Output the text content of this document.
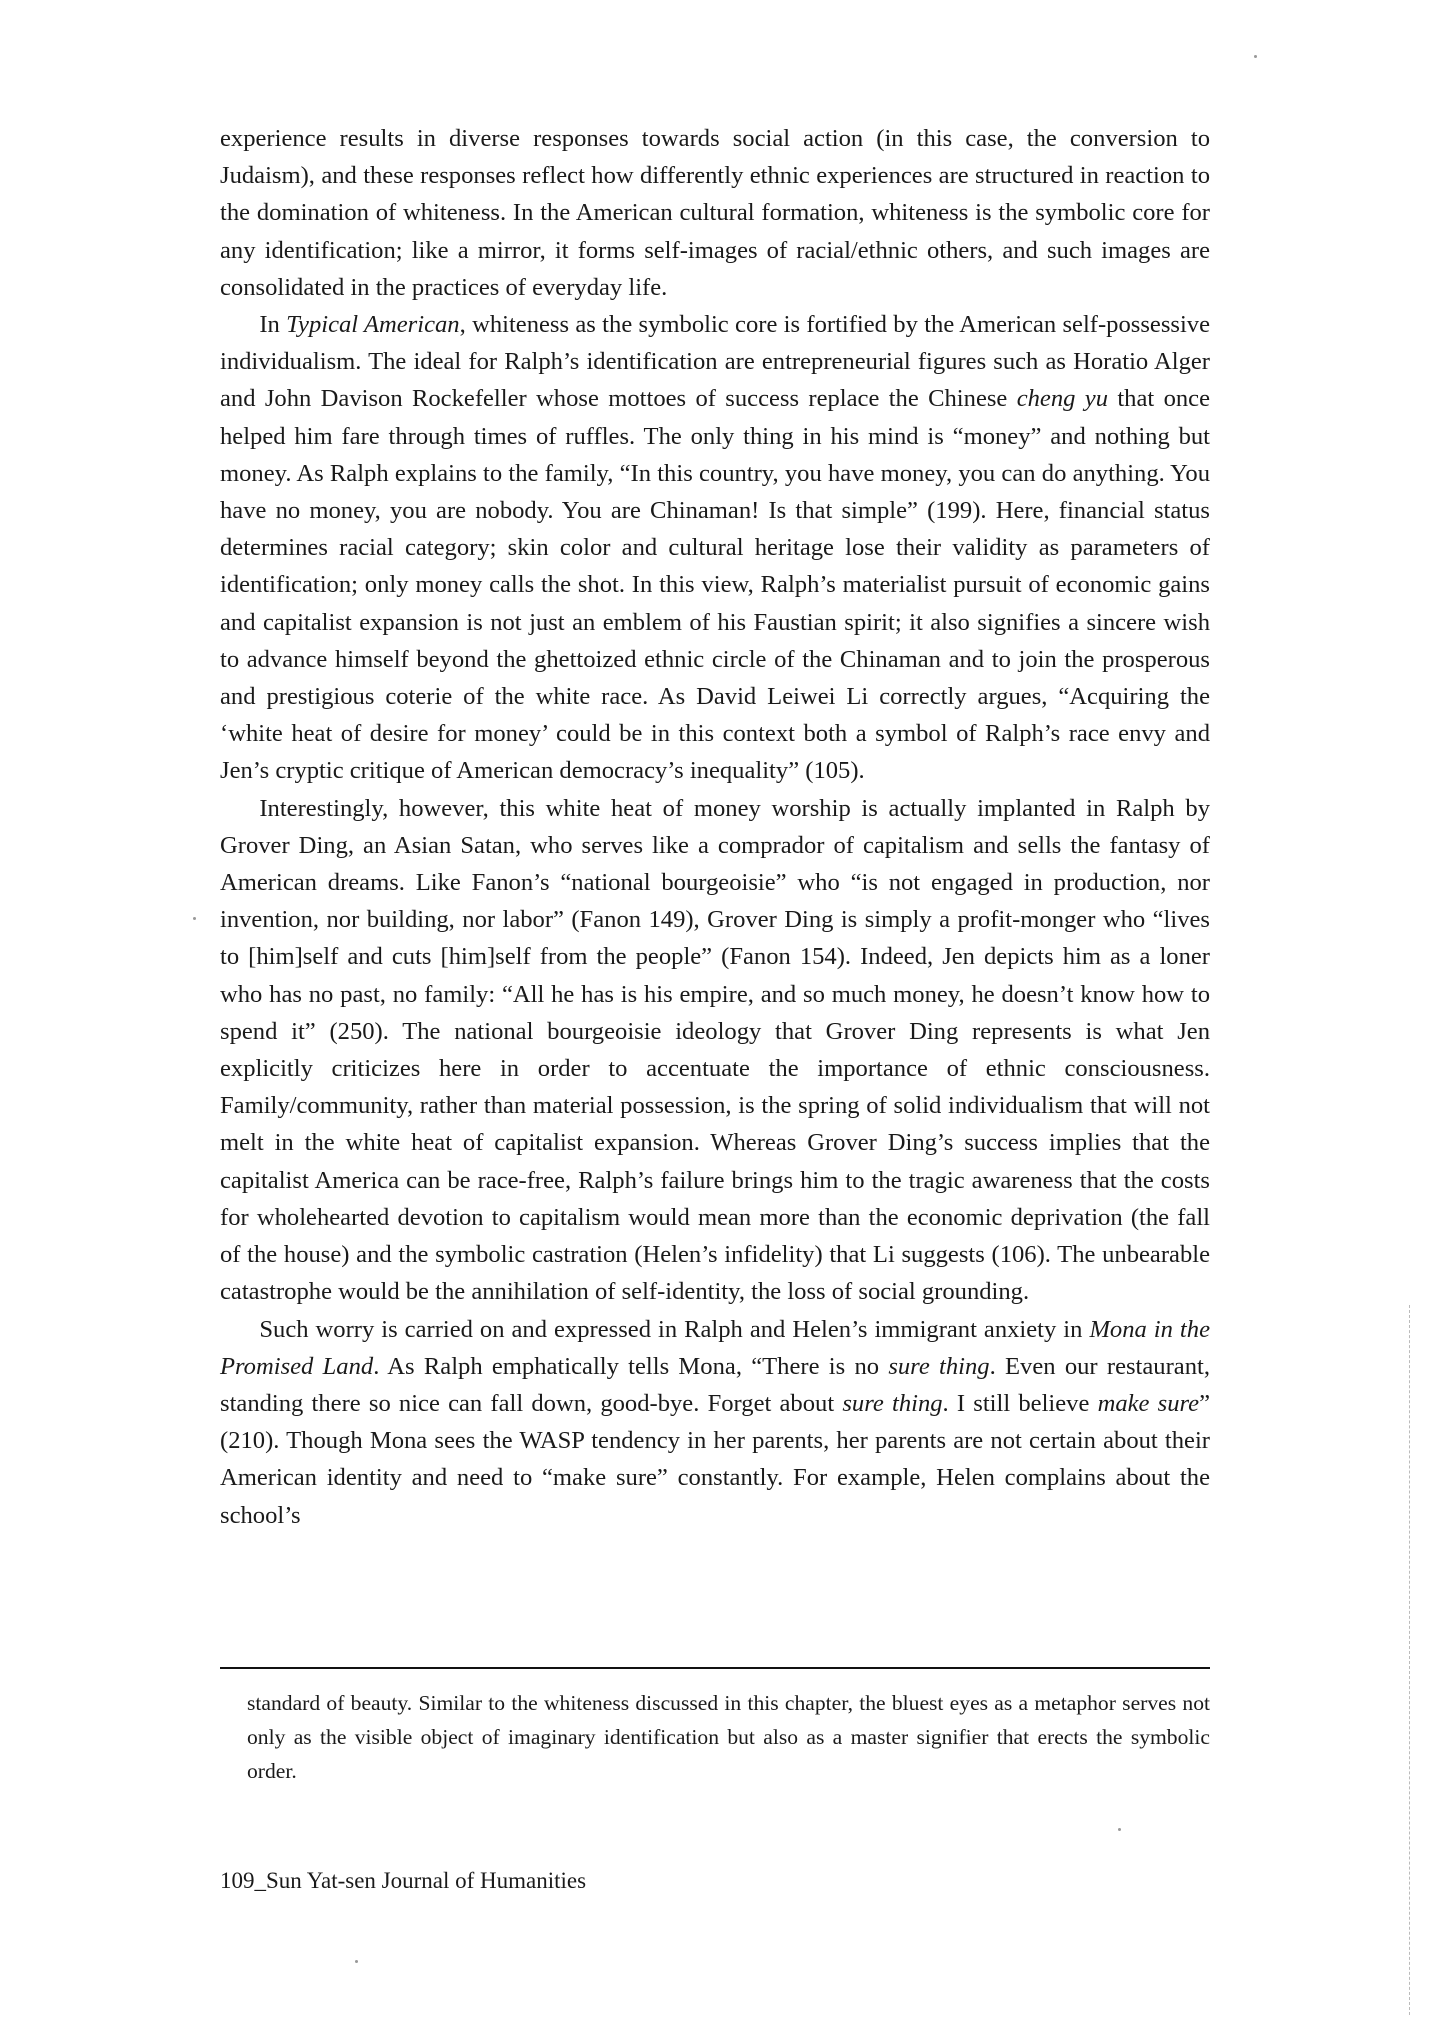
experience results in diverse responses towards social action (in this case, the conversion to Judaism), and these responses reflect how differently ethnic experiences are structured in reaction to the domination of whiteness. In the American cultural formation, whiteness is the symbolic core for any identification; like a mirror, it forms self-images of racial/ethnic others, and such images are consolidated in the practices of everyday life.

In Typical American, whiteness as the symbolic core is fortified by the American self-possessive individualism. The ideal for Ralph’s identification are entrepreneurial figures such as Horatio Alger and John Davison Rockefeller whose mottoes of success replace the Chinese cheng yu that once helped him fare through times of ruffles. The only thing in his mind is “money” and nothing but money. As Ralph explains to the family, “In this country, you have money, you can do anything. You have no money, you are nobody. You are Chinaman! Is that simple” (199). Here, financial status determines racial category; skin color and cultural heritage lose their validity as parameters of identification; only money calls the shot. In this view, Ralph’s materialist pursuit of economic gains and capitalist expansion is not just an emblem of his Faustian spirit; it also signifies a sincere wish to advance himself beyond the ghettoized ethnic circle of the Chinaman and to join the prosperous and prestigious coterie of the white race. As David Leiwei Li correctly argues, “Acquiring the ‘white heat of desire for money’ could be in this context both a symbol of Ralph’s race envy and Jen’s cryptic critique of American democracy’s inequality” (105).

Interestingly, however, this white heat of money worship is actually implanted in Ralph by Grover Ding, an Asian Satan, who serves like a comprador of capitalism and sells the fantasy of American dreams. Like Fanon’s “national bourgeoisie” who “is not engaged in production, nor invention, nor building, nor labor” (Fanon 149), Grover Ding is simply a profit-monger who “lives to [him]self and cuts [him]self from the people” (Fanon 154). Indeed, Jen depicts him as a loner who has no past, no family: “All he has is his empire, and so much money, he doesn’t know how to spend it” (250). The national bourgeoisie ideology that Grover Ding represents is what Jen explicitly criticizes here in order to accentuate the importance of ethnic consciousness. Family/community, rather than material possession, is the spring of solid individualism that will not melt in the white heat of capitalist expansion. Whereas Grover Ding’s success implies that the capitalist America can be race-free, Ralph’s failure brings him to the tragic awareness that the costs for wholehearted devotion to capitalism would mean more than the economic deprivation (the fall of the house) and the symbolic castration (Helen’s infidelity) that Li suggests (106). The unbearable catastrophe would be the annihilation of self-identity, the loss of social grounding.

Such worry is carried on and expressed in Ralph and Helen’s immigrant anxiety in Mona in the Promised Land. As Ralph emphatically tells Mona, “There is no sure thing. Even our restaurant, standing there so nice can fall down, good-bye. Forget about sure thing. I still believe make sure” (210). Though Mona sees the WASP tendency in her parents, her parents are not certain about their American identity and need to “make sure” constantly. For example, Helen complains about the school’s

standard of beauty. Similar to the whiteness discussed in this chapter, the bluest eyes as a metaphor serves not only as the visible object of imaginary identification but also as a master signifier that erects the symbolic order.
109_Sun Yat-sen Journal of Humanities
